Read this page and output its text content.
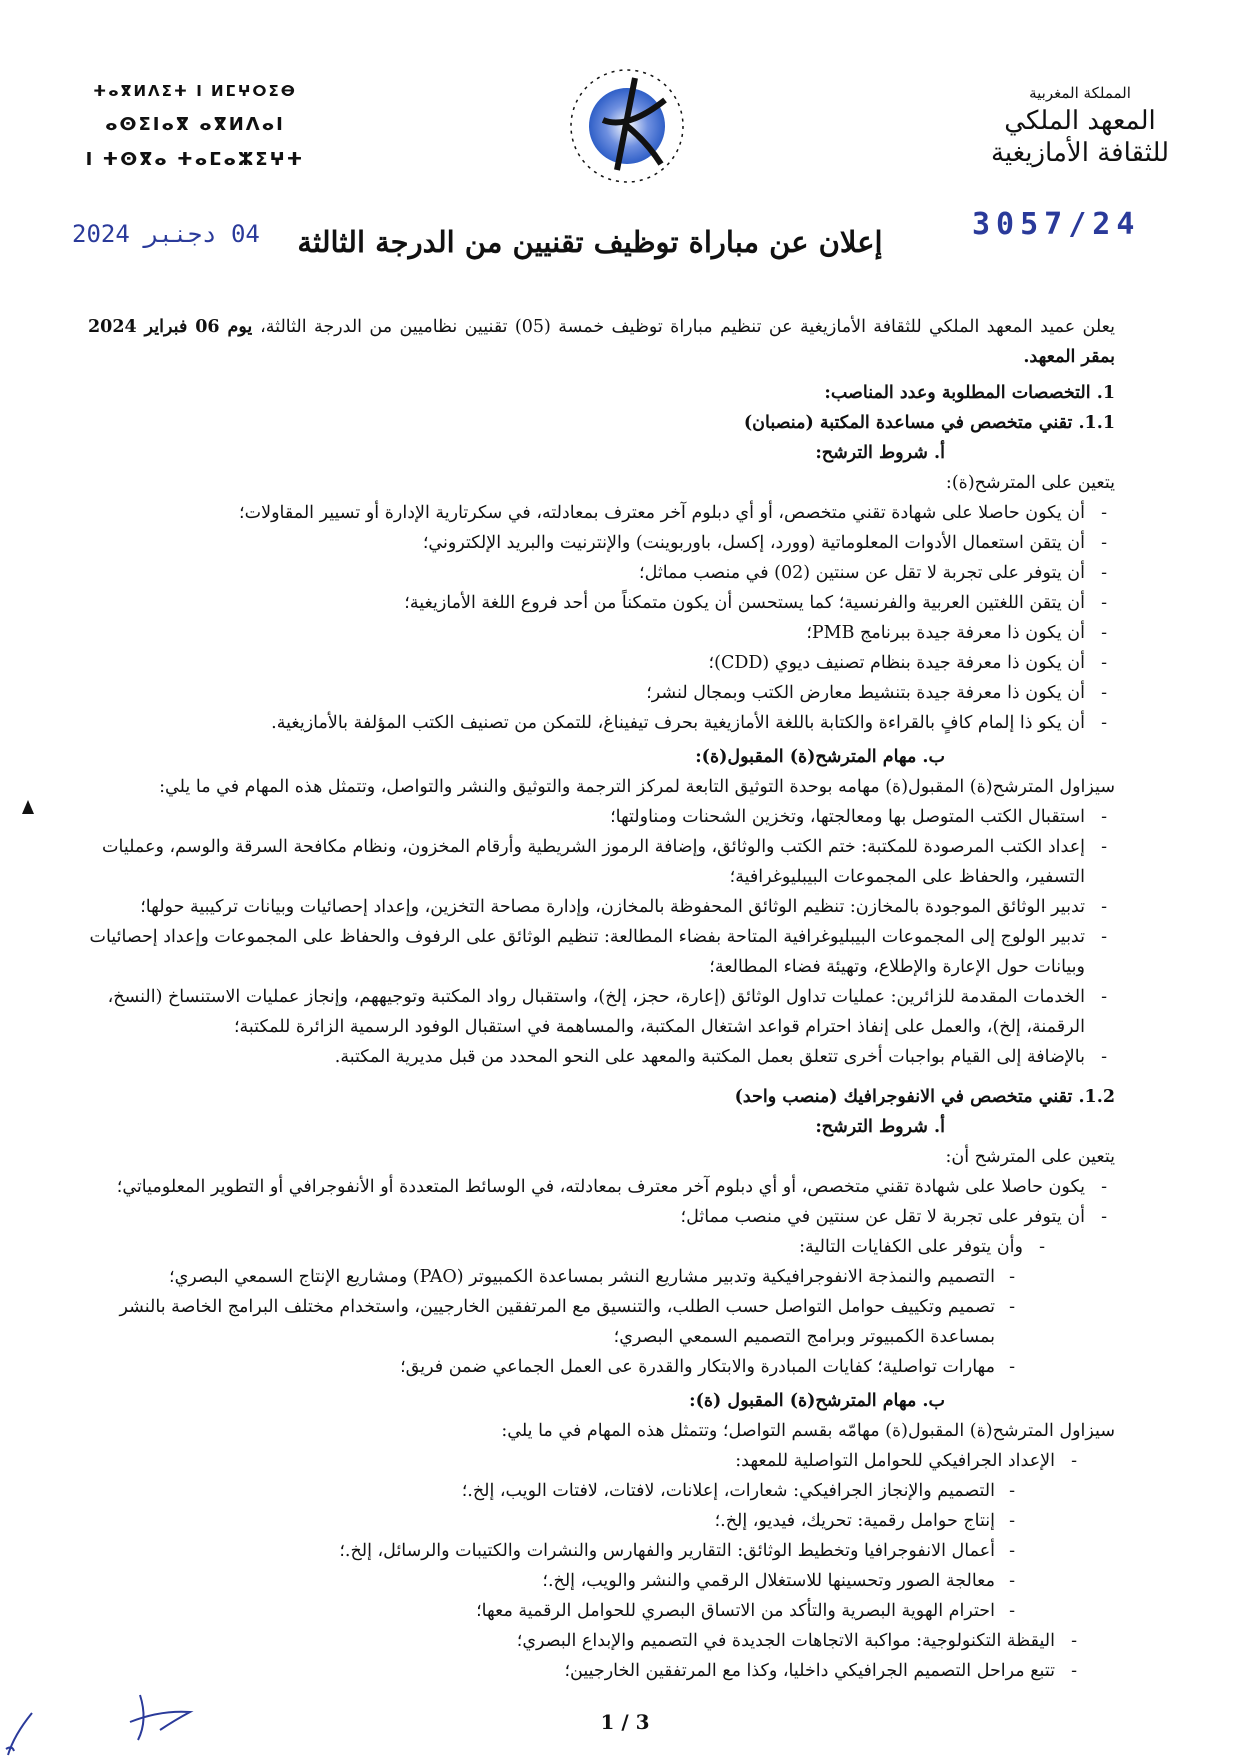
ⵜⴰⴳⵍⴷⵉⵜ ⵏ ⵍⵎⵖⵔⵉⴱ
ⴰⵙⵉⵏⴰⴳ ⴰⴳⵍⴷⴰⵏ
ⵏ ⵜⵙⴳⴰ ⵜⴰⵎⴰⵣⵉⵖⵜ
المملكة المغربية
المعهد الملكي
للثقافة الأمازيغية
3057/24
04 دجنبر 2024	إعلان عن مباراة توظيف تقنيين من الدرجة الثالثة

يعلن عميد المعهد الملكي للثقافة الأمازيغية عن تنظيم مباراة توظيف خمسة (05) تقنيين نظاميين من الدرجة الثالثة، يوم 06 فبراير 2024 بمقر المعهد.

1. التخصصات المطلوبة وعدد المناصب:

1.1. تقني متخصص في مساعدة المكتبة (منصبان)

أ. شروط الترشح:

يتعين على المترشح(ة):

- أن يكون حاصلا على شهادة تقني متخصص، أو أي دبلوم آخر معترف بمعادلته، في سكرتارية الإدارة أو تسيير المقاولات؛
- أن يتقن استعمال الأدوات المعلوماتية (وورد، إكسل، باوربوينت) والإنترنيت والبريد الإلكتروني؛
- أن يتوفر على تجربة لا تقل عن سنتين (02) في منصب مماثل؛
- أن يتقن اللغتين العربية والفرنسية؛ كما يستحسن أن يكون متمكناً من أحد فروع اللغة الأمازيغية؛
- أن يكون ذا معرفة جيدة ببرنامج PMB؛
- أن يكون ذا معرفة جيدة بنظام تصنيف ديوي (CDD)؛
- أن يكون ذا معرفة جيدة بتنشيط معارض الكتب وبمجال لنشر؛
- أن يكو ذا إلمام كافٍ بالقراءة والكتابة باللغة الأمازيغية بحرف تيفيناغ، للتمكن من تصنيف الكتب المؤلفة بالأمازيغية.

ب. مهام المترشح(ة) المقبول(ة):

سيزاول المترشح(ة) المقبول(ة) مهامه بوحدة التوثيق التابعة لمركز الترجمة والتوثيق والنشر والتواصل، وتتمثل هذه المهام في ما يلي:

- استقبال الكتب المتوصل بها ومعالجتها، وتخزين الشحنات ومناولتها؛
- إعداد الكتب المرصودة للمكتبة: ختم الكتب والوثائق، وإضافة الرموز الشريطية وأرقام المخزون، ونظام مكافحة السرقة والوسم، وعمليات التسفير، والحفاظ على المجموعات البيبليوغرافية؛
- تدبير الوثائق الموجودة بالمخازن: تنظيم الوثائق المحفوظة بالمخازن، وإدارة مصاحة التخزين، وإعداد إحصائيات وبيانات تركيبية حولها؛
- تدبير الولوج إلى المجموعات البيبليوغرافية المتاحة بفضاء المطالعة: تنظيم الوثائق على الرفوف والحفاظ على المجموعات وإعداد إحصائيات وبيانات حول الإعارة والإطلاع، وتهيئة فضاء المطالعة؛
- الخدمات المقدمة للزائرين: عمليات تداول الوثائق (إعارة، حجز، إلخ)، واستقبال رواد المكتبة وتوجيههم، وإنجاز عمليات الاستنساخ (النسخ، الرقمنة، إلخ)، والعمل على إنفاذ احترام قواعد اشتغال المكتبة، والمساهمة في استقبال الوفود الرسمية الزائرة للمكتبة؛
- بالإضافة إلى القيام بواجبات أخرى تتعلق بعمل المكتبة والمعهد على النحو المحدد من قبل مديرية المكتبة.

1.2. تقني متخصص في الانفوجرافيك (منصب واحد)

أ. شروط الترشح:

يتعين على المترشح أن:

- يكون حاصلا على شهادة تقني متخصص، أو أي دبلوم آخر معترف بمعادلته، في الوسائط المتعددة أو الأنفوجرافي أو التطوير المعلومياتي؛
- أن يتوفر على تجربة لا تقل عن سنتين في منصب مماثل؛
- وأن يتوفر على الكفايات التالية:
- التصميم والنمذجة الانفوجرافيكية وتدبير مشاريع النشر بمساعدة الكمبيوتر (PAO) ومشاريع الإنتاج السمعي البصري؛
- تصميم وتكييف حوامل التواصل حسب الطلب، والتنسيق مع المرتفقين الخارجيين، واستخدام مختلف البرامج الخاصة بالنشر بمساعدة الكمبيوتر وبرامج التصميم السمعي البصري؛
- مهارات تواصلية؛ كفايات المبادرة والابتكار والقدرة عى العمل الجماعي ضمن فريق؛

ب. مهام المترشح(ة) المقبول (ة):

سيزاول المترشح(ة) المقبول(ة) مهامّه بقسم التواصل؛ وتتمثل هذه المهام في ما يلي:

- الإعداد الجرافيكي للحوامل التواصلية للمعهد:
- التصميم والإنجاز الجرافيكي: شعارات، إعلانات، لافتات، لافتات الويب، إلخ.؛
- إنتاج حوامل رقمية: تحريك، فيديو، إلخ.؛
- أعمال الانفوجرافيا وتخطيط الوثائق: التقارير والفهارس والنشرات والكتيبات والرسائل، إلخ.؛
- معالجة الصور وتحسينها للاستغلال الرقمي والنشر والويب، إلخ.؛
- احترام الهوية البصرية والتأكد من الاتساق البصري للحوامل الرقمية معها؛
- اليقظة التكنولوجية: مواكبة الاتجاهات الجديدة في التصميم والإبداع البصري؛
- تتبع مراحل التصميم الجرافيكي داخليا، وكذا مع المرتفقين الخارجيين؛
1 / 3
